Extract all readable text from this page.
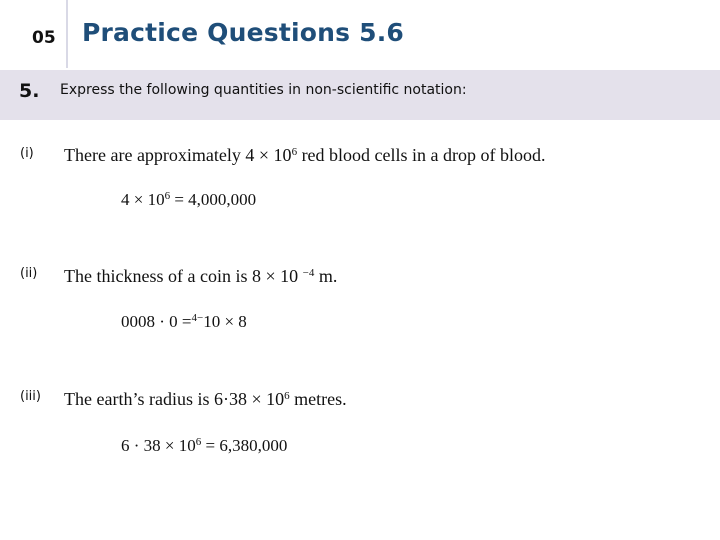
05 Practice Questions 5.6
5. Express the following quantities in non-scientific notation:
(i) There are approximately $4 \times 10^6$ red blood cells in a drop of blood.
$4 \times 10^6 = 4,000,000$
(ii) The thickness of a coin is 8 × 10 $^{-4}$ m.
0008 · 0 =$^{4-}$10 × 8
(iii) The earth’s radius is $6\cdot 38 \times 10^6$ metres.
$6 \cdot 38 \times 10^6 = 6,380,000$
